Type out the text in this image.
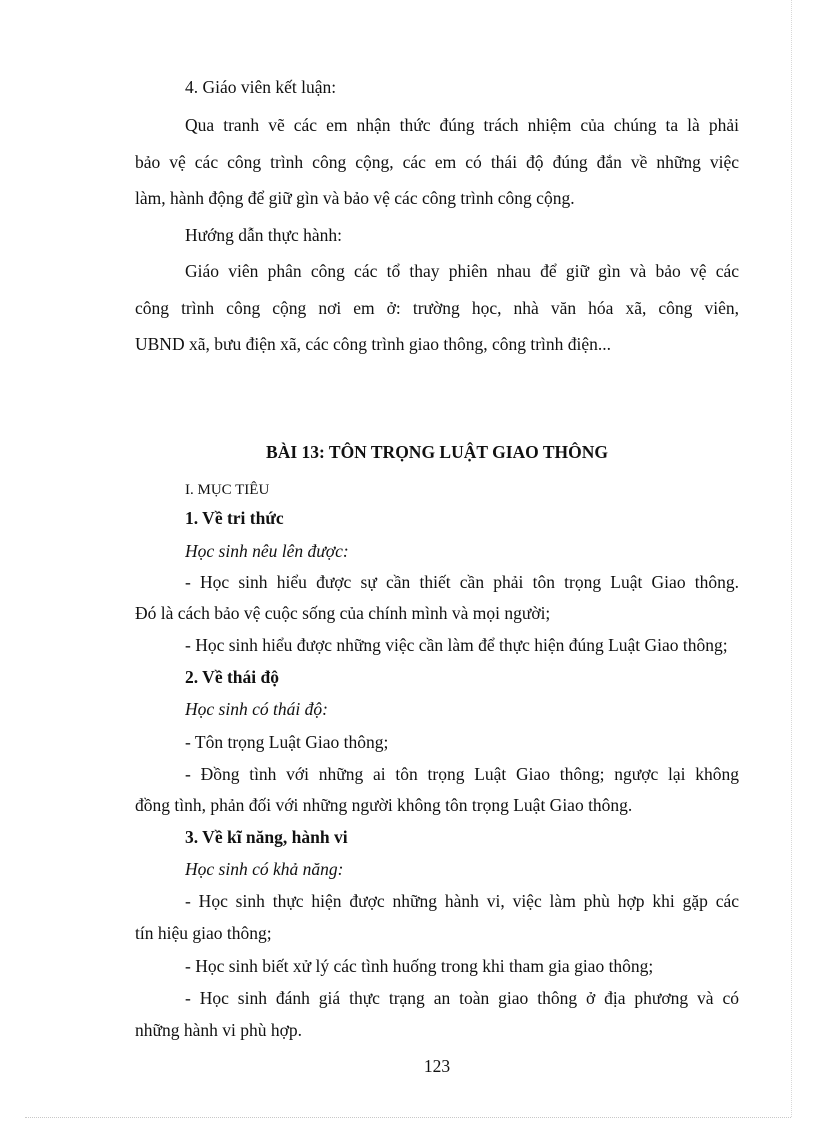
4. Giáo viên kết luận:
Qua tranh vẽ các em nhận thức đúng trách nhiệm của chúng ta là phải
bảo vệ các công trình công cộng, các em có thái độ đúng đắn về những việc
làm, hành động để giữ gìn và bảo vệ các công trình công cộng.
Hướng dẫn thực hành:
Giáo viên phân công các tổ thay phiên nhau để giữ gìn và bảo vệ các
công trình công cộng nơi em ở: trường học, nhà văn hóa xã, công viên,
UBND xã, bưu điện xã, các công trình giao thông, công trình điện...
BÀI 13: TÔN TRỌNG LUẬT GIAO THÔNG
I. MỤC TIÊU
1. Về tri thức
Học sinh nêu lên được:
- Học sinh hiểu được sự cần thiết cần phải tôn trọng Luật Giao thông.
Đó là cách bảo vệ cuộc sống của chính mình và mọi người;
- Học sinh hiểu được những việc cần làm để thực hiện đúng Luật Giao thông;
2. Về thái độ
Học sinh có thái độ:
- Tôn trọng Luật Giao thông;
- Đồng tình với những ai tôn trọng Luật Giao thông; ngược lại không
đồng tình, phản đối với những người không tôn trọng Luật Giao thông.
3. Về kĩ năng, hành vi
Học sinh có khả năng:
- Học sinh thực hiện được những hành vi, việc làm phù hợp khi gặp các
tín hiệu giao thông;
- Học sinh biết xử lý các tình huống trong khi tham gia giao thông;
- Học sinh đánh giá thực trạng an toàn giao thông ở địa phương và có
những hành vi phù hợp.
123
